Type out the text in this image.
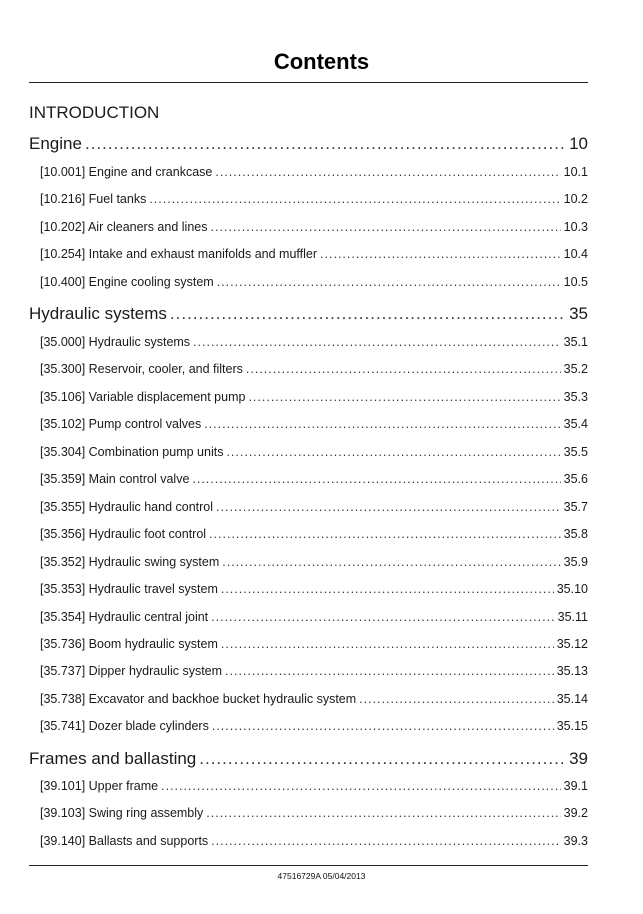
Contents
INTRODUCTION
Engine .....	10
[10.001] Engine and crankcase .....	10.1
[10.216] Fuel tanks .....	10.2
[10.202] Air cleaners and lines .....	10.3
[10.254] Intake and exhaust manifolds and muffler .....	10.4
[10.400] Engine cooling system .....	10.5
Hydraulic systems .....	35
[35.000] Hydraulic systems .....	35.1
[35.300] Reservoir, cooler, and filters .....	35.2
[35.106] Variable displacement pump .....	35.3
[35.102] Pump control valves .....	35.4
[35.304] Combination pump units .....	35.5
[35.359] Main control valve .....	35.6
[35.355] Hydraulic hand control .....	35.7
[35.356] Hydraulic foot control .....	35.8
[35.352] Hydraulic swing system .....	35.9
[35.353] Hydraulic travel system .....	35.10
[35.354] Hydraulic central joint .....	35.11
[35.736] Boom hydraulic system .....	35.12
[35.737] Dipper hydraulic system .....	35.13
[35.738] Excavator and backhoe bucket hydraulic system .....	35.14
[35.741] Dozer blade cylinders .....	35.15
Frames and ballasting .....	39
[39.101] Upper frame .....	39.1
[39.103] Swing ring assembly .....	39.2
[39.140] Ballasts and supports .....	39.3
47516729A 05/04/2013
